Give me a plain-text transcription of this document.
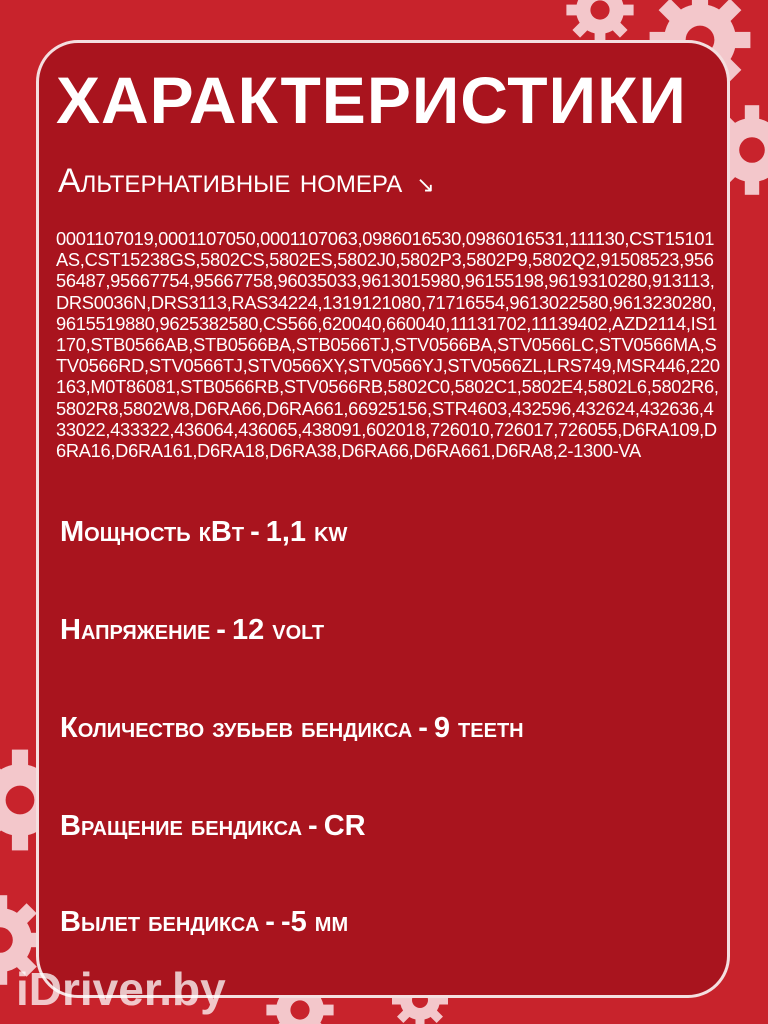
ХАРАКТЕРИСТИКИ
Альтернативные номера ↘
0001107019,0001107050,0001107063,0986016530,0986016531,111130,CST15101AS,CST15238GS,5802CS,5802ES,5802J0,5802P3,5802P9,5802Q2,91508523,95656487,95667754,95667758,96035033,9613015980,96155198,9619310280,913113,DRS0036N,DRS3113,RAS34224,1319121080,71716554,9613022580,9613230280,9615519880,9625382580,CS566,620040,660040,11131702,11139402,AZD2114,IS1170,STB0566AB,STB0566BA,STB0566TJ,STV0566BA,STV0566LC,STV0566MA,STV0566RD,STV0566TJ,STV0566XY,STV0566YJ,STV0566ZL,LRS749,MSR446,220163,M0T86081,STB0566RB,STV0566RB,5802C0,5802C1,5802E4,5802L6,5802R6,5802R8,5802W8,D6RA66,D6RA661,66925156,STR4603,432596,432624,432636,433022,433322,436064,436065,438091,602018,726010,726017,726055,D6RA109,D6RA16,D6RA161,D6RA18,D6RA38,D6RA66,D6RA661,D6RA8,2-1300-VA
Мощность кВт - 1,1 kw
Напряжение - 12 volt
Количество зубьев бендикса - 9 teeth
Вращение бендикса - CR
Вылет бендикса - -5 мм
iDriver.by
